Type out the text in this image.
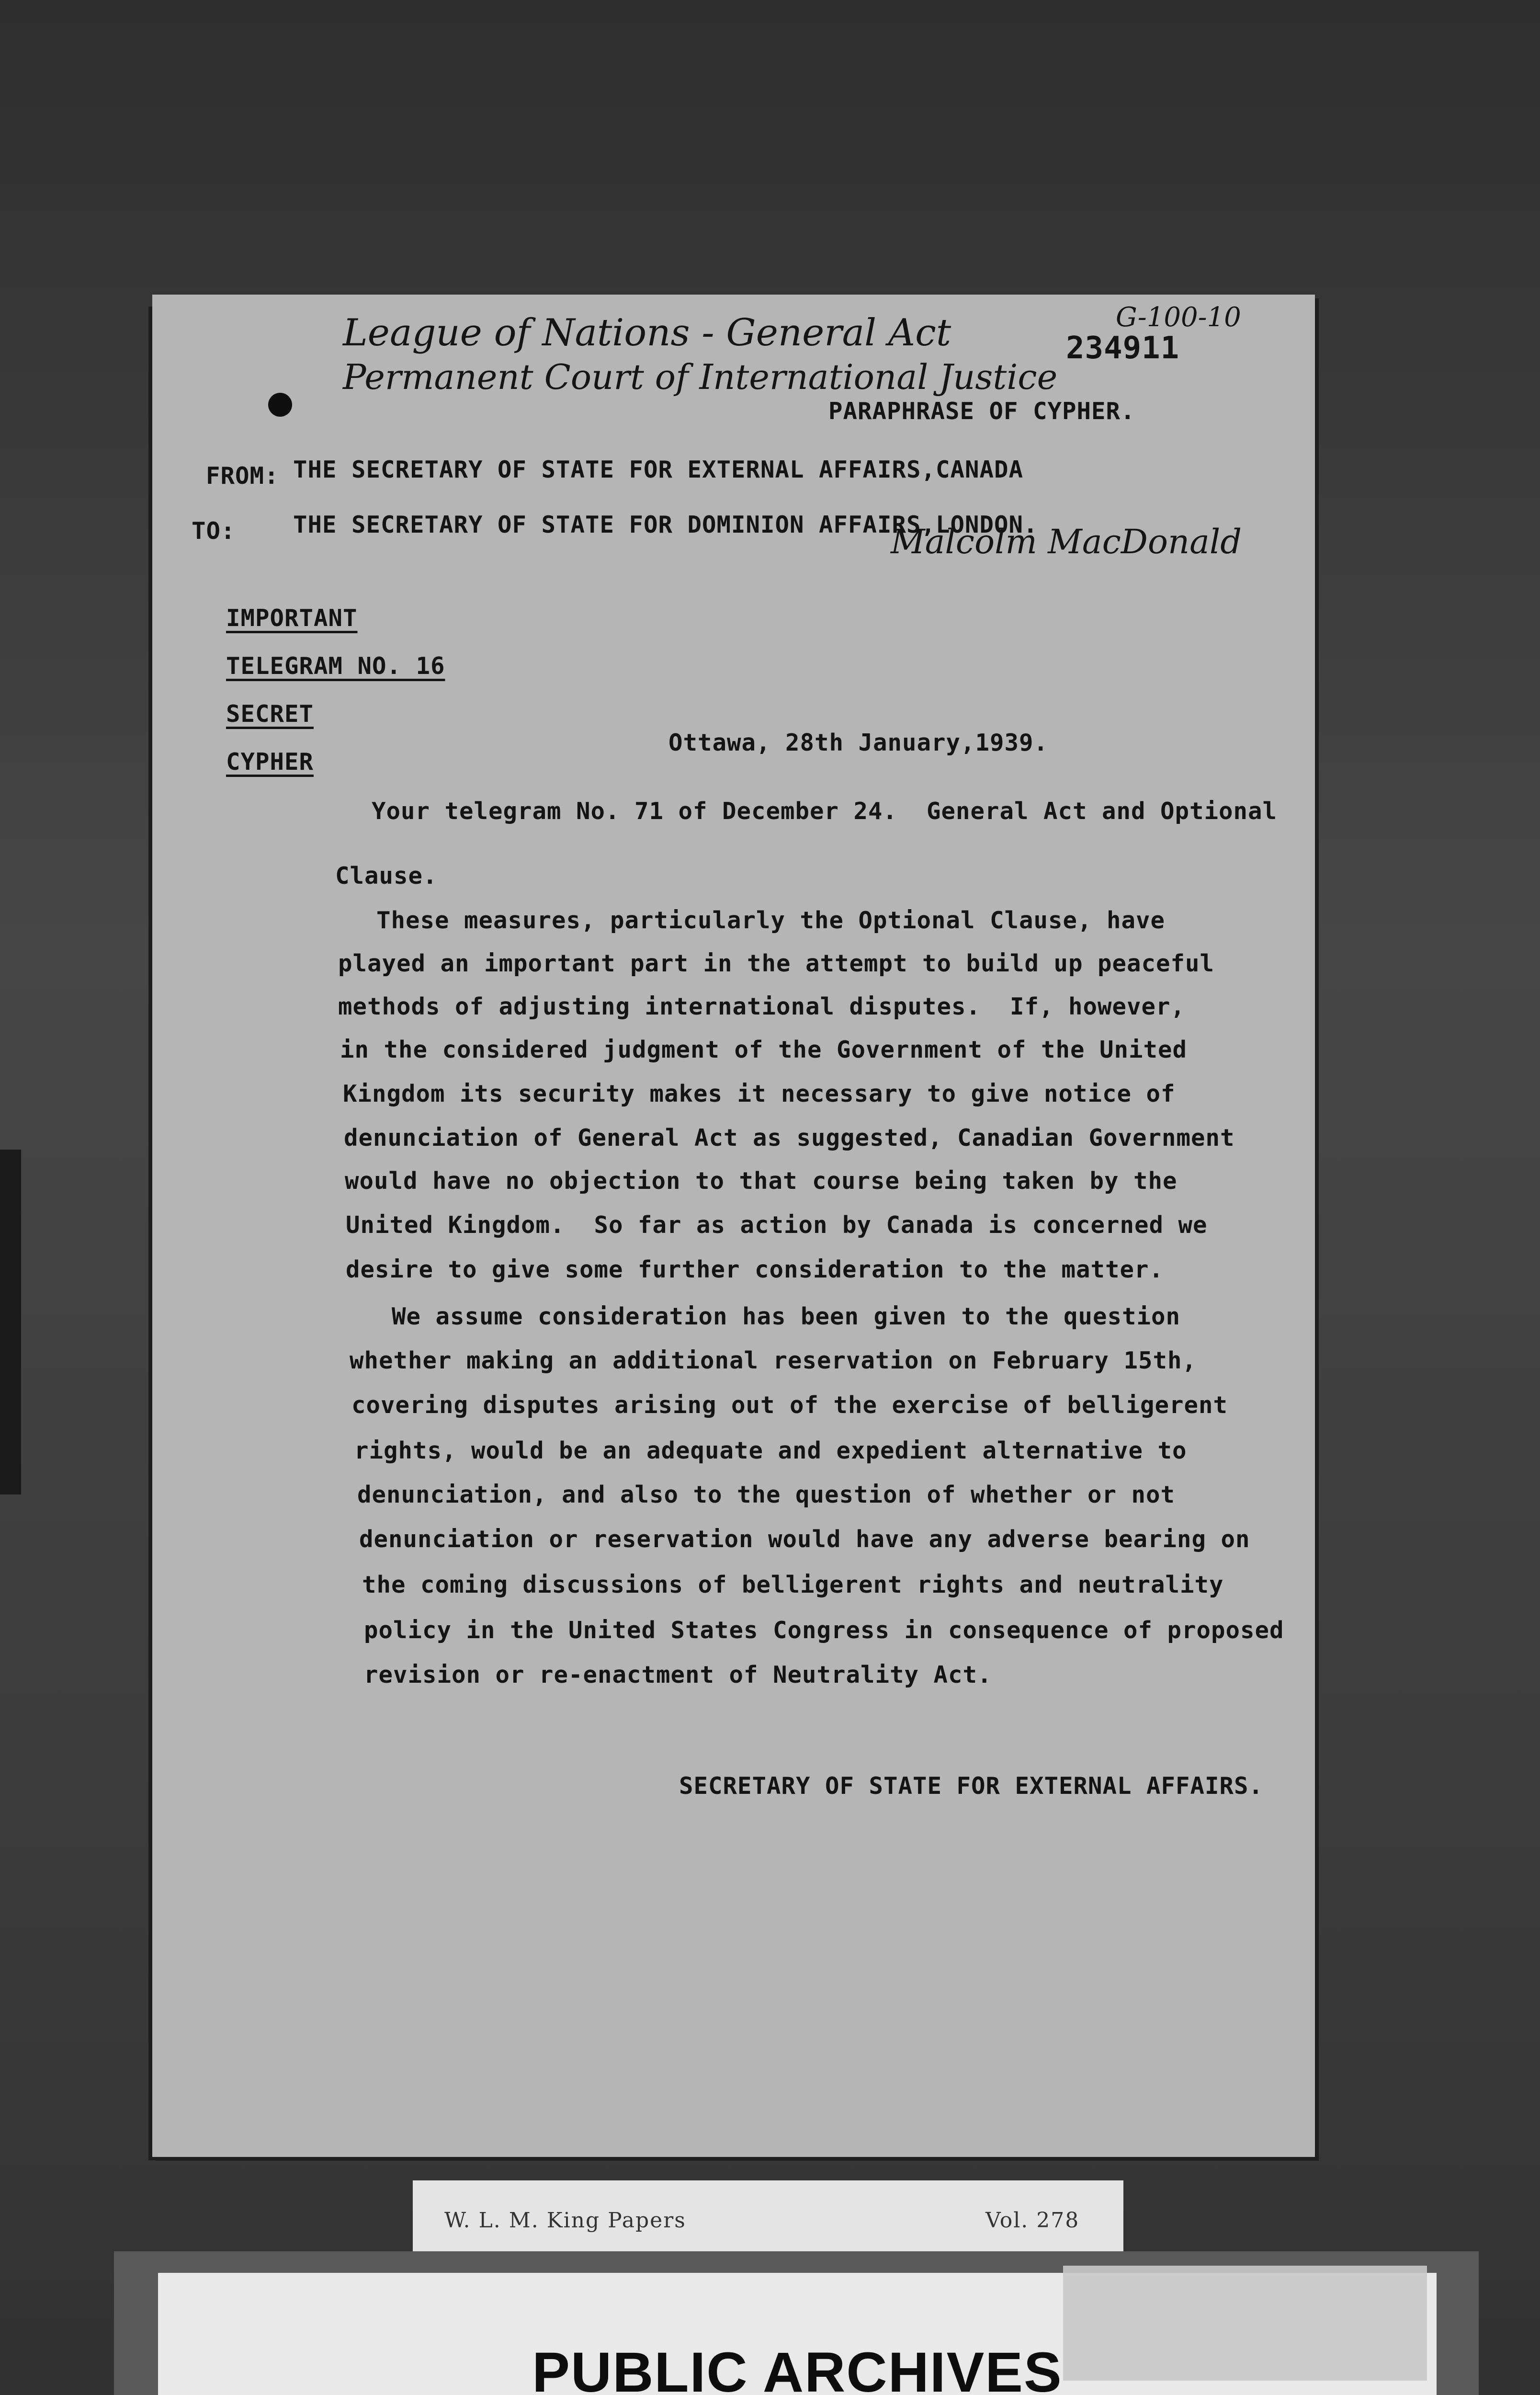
League of Nations - General Act
Permanent Court of International Justice
G-100-10
234911
Malcolm MacDonald
PARAPHRASE OF CYPHER.
FROM: THE SECRETARY OF STATE FOR EXTERNAL AFFAIRS,CANADA
TO: THE SECRETARY OF STATE FOR DOMINION AFFAIRS,LONDON.
IMPORTANT
TELEGRAM NO. 16
SECRET
CYPHER
Ottawa, 28th January,1939.
Your telegram No. 71 of December 24.  General Act and Optional
Clause.
These measures, particularly the Optional Clause, have
played an important part in the attempt to build up peaceful
methods of adjusting international disputes.  If, however,
in the considered judgment of the Government of the United
Kingdom its security makes it necessary to give notice of
denunciation of General Act as suggested, Canadian Government
would have no objection to that course being taken by the
United Kingdom.  So far as action by Canada is concerned we
desire to give some further consideration to the matter.
We assume consideration has been given to the question
whether making an additional reservation on February 15th,
covering disputes arising out of the exercise of belligerent
rights, would be an adequate and expedient alternative to
denunciation, and also to the question of whether or not
denunciation or reservation would have any adverse bearing on
the coming discussions of belligerent rights and neutrality
policy in the United States Congress in consequence of proposed
revision or re-enactment of Neutrality Act.
SECRETARY OF STATE FOR EXTERNAL AFFAIRS.
W. L. M. King Papers	Vol. 278
PUBLIC ARCHIVES
